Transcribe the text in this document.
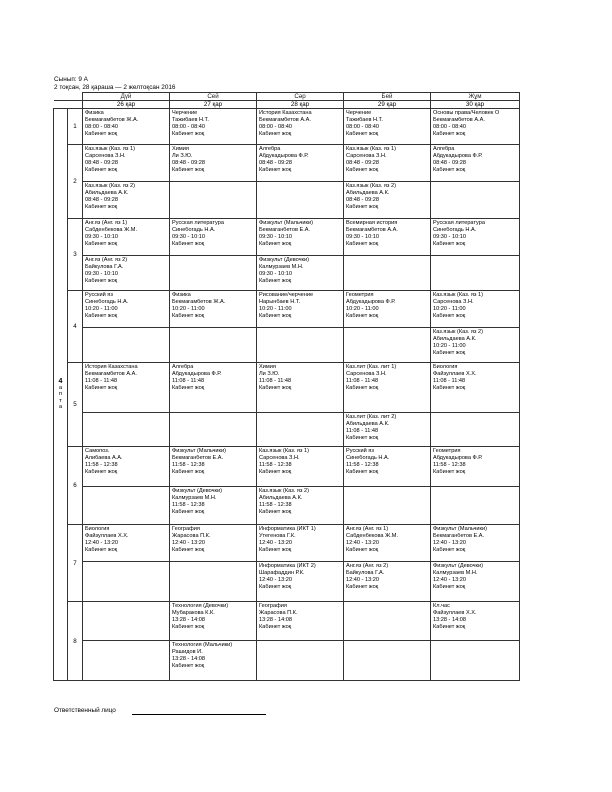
Сынып: 9 А
2 тоқсан, 28 қараша — 2 желтоқсан 2016
		Дүй	Сей	Сәр	Бей	Жұм
		26 қар	27 қар	28 қар	29 қар	30 қар

4
а
п
т
а	1	Физика
Бекмағамбетов Ж.А.
08:00 - 08:40
Кабинет жоқ	Черчение
Тажибаев Н.Т.
08:00 - 08:40
Кабинет жоқ	История Казахстана
Бекмағамбетов А.А.
08:00 - 08:40
Кабинет жоқ	Черчение
Тажибаев Н.Т.
08:00 - 08:40
Кабинет жоқ	Основы права/Человек О
Бекмағамбетов А.А.
08:00 - 08:40
Кабинет жоқ

	2	Каз.язык (Каз. яз 1)
Сарсенова З.Н.
08:48 - 09:28
Кабинет жоқ	Химия
Ли З.Ю.
08:48 - 09:28
Кабинет жоқ	Алгебра
Абдукадырова Ф.Р.
08:48 - 09:28
Кабинет жоқ	Каз.язык (Каз. яз 1)
Сарсенова З.Н.
08:48 - 09:28
Кабинет жоқ	Алгебра
Абдукадырова Ф.Р.
08:48 - 09:28
Кабинет жоқ

		Каз.язык (Каз. яз 2)
Абильдаева А.К.
08:48 - 09:28
Кабинет жоқ			Каз.язык (Каз. яз 2)
Абильдаева А.К.
08:48 - 09:28
Кабинет жоқ	

	3	Анг.яз (Анг. яз 1)
Сабденбекова Ж.М.
09:30 - 10:10
Кабинет жоқ	Русская литература
Синебогадь Н.А.
09:30 - 10:10
Кабинет жоқ	Физкульт (Мальчики)
Бекмаганбетов Е.А.
09:30 - 10:10
Кабинет жоқ	Всемирная история
Бекмағамбетов А.А.
09:30 - 10:10
Кабинет жоқ	Русская литература
Синебогадь Н.А.
09:30 - 10:10
Кабинет жоқ

		Анг.яз (Анг. яз 2)
Байкулова Г.А.
09:30 - 10:10
Кабинет жоқ		Физкульт (Девочки)
Калмурзаев М.Н.
09:30 - 10:10
Кабинет жоқ		

	4	Русский яз
Синебогадь Н.А.
10:20 - 11:00
Кабинет жоқ	Физика
Бекмағамбетов Ж.А.
10:20 - 11:00
Кабинет жоқ	Рисование/черчение
Нарынбаев Н.Т.
10:20 - 11:00
Кабинет жоқ	Геометрия
Абдукадырова Ф.Р.
10:20 - 11:00
Кабинет жоқ	Каз.язык (Каз. яз 1)
Сарсенова З.Н.
10:20 - 11:00
Кабинет жоқ

						Каз.язык (Каз. яз 2)
Абильдаева А.К.
10:20 - 11:00
Кабинет жоқ

	5	История Казахстана
Бекмағамбетов А.А.
11:08 - 11:48
Кабинет жоқ	Алгебра
Абдукадырова Ф.Р.
11:08 - 11:48
Кабинет жоқ	Химия
Ли З.Ю.
11:08 - 11:48
Кабинет жоқ	Каз.лит (Каз. лит 1)
Сарсенова З.Н.
11:08 - 11:48
Кабинет жоқ	Биология
Файзуллаев Х.Х.
11:08 - 11:48
Кабинет жоқ

					Каз.лит (Каз. лит 2)
Абильдаева А.К.
11:08 - 11:48
Кабинет жоқ	

	6	Самопоз.
Алибаева А.А.
11:58 - 12:38
Кабинет жоқ	Физкульт (Мальчики)
Бекмаганбетов Е.А.
11:58 - 12:38
Кабинет жоқ	Каз.язык (Каз. яз 1)
Сарсенова З.Н.
11:58 - 12:38
Кабинет жоқ	Русский яз
Синебогадь Н.А.
11:58 - 12:38
Кабинет жоқ	Геометрия
Абдукадырова Ф.Р.
11:58 - 12:38
Кабинет жоқ

			Физкульт (Девочки)
Калмурзаев М.Н.
11:58 - 12:38
Кабинет жоқ	Каз.язык (Каз. яз 2)
Абильдаева А.К.
11:58 - 12:38
Кабинет жоқ		

	7	Биология
Файзуллаев Х.Х.
12:40 - 13:20
Кабинет жоқ	География
Жарасова П.К.
12:40 - 13:20
Кабинет жоқ	Информатика (ИКТ 1)
Утегенова Г.К.
12:40 - 13:20
Кабинет жоқ	Анг.яз (Анг. яз 1)
Сабденбекова Ж.М.
12:40 - 13:20
Кабинет жоқ	Физкульт (Мальчики)
Бекмаганбетов Е.А.
12:40 - 13:20
Кабинет жоқ

				Информатика (ИКТ 2)
Шарафаддин Р.К.
12:40 - 13:20
Кабинет жоқ	Анг.яз (Анг. яз 2)
Байкулова Г.А.
12:40 - 13:20
Кабинет жоқ	Физкульт (Девочки)
Калмурзаев М.Н.
12:40 - 13:20
Кабинет жоқ

	8		Технология (Девочки)
Мубаракова К.К.
13:28 - 14:08
Кабинет жоқ	География
Жарасова П.К.
13:28 - 14:08
Кабинет жоқ		Кл.час
Файзуллаев Х.Х.
13:28 - 14:08
Кабинет жоқ

			Технология (Мальчики)
Рашидов И.
13:28 - 14:08
Кабинет жоқ			

Ответственный лицо
